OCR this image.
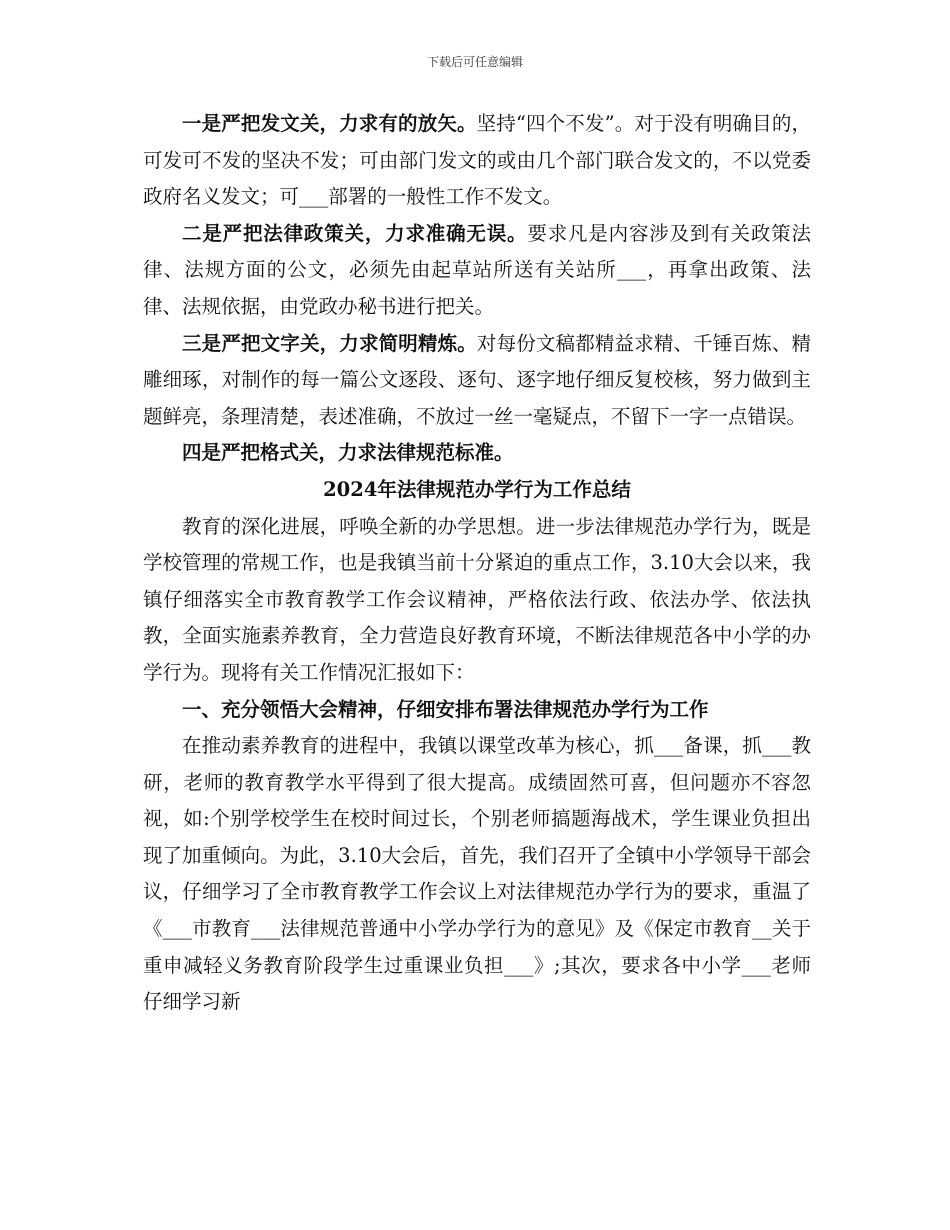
下载后可任意编辑

一是严把发文关，力求有的放矢。坚持“四个不发”。对于没有明确目的，可发可不发的坚决不发；可由部门发文的或由几个部门联合发文的，不以党委政府名义发文；可___部署的一般性工作不发文。

二是严把法律政策关，力求准确无误。要求凡是内容涉及到有关政策法律、法规方面的公文，必须先由起草站所送有关站所___，再拿出政策、法律、法规依据，由党政办秘书进行把关。

三是严把文字关，力求简明精炼。对每份文稿都精益求精、千锤百炼、精雕细琢，对制作的每一篇公文逐段、逐句、逐字地仔细反复校核，努力做到主题鲜亮，条理清楚，表述准确，不放过一丝一毫疑点，不留下一字一点错误。

四是严把格式关，力求法律规范标准。

2024年法律规范办学行为工作总结

教育的深化进展，呼唤全新的办学思想。进一步法律规范办学行为，既是学校管理的常规工作，也是我镇当前十分紧迫的重点工作，3.10大会以来，我镇仔细落实全市教育教学工作会议精神，严格依法行政、依法办学、依法执教，全面实施素养教育，全力营造良好教育环境，不断法律规范各中小学的办学行为。现将有关工作情况汇报如下：

一、充分领悟大会精神，仔细安排布署法律规范办学行为工作

在推动素养教育的进程中，我镇以课堂改革为核心，抓___备课，抓___教研，老师的教育教学水平得到了很大提高。成绩固然可喜，但问题亦不容忽视，如:个别学校学生在校时间过长，个别老师搞题海战术，学生课业负担出现了加重倾向。为此，3.10大会后，首先，我们召开了全镇中小学领导干部会议，仔细学习了全市教育教学工作会议上对法律规范办学行为的要求，重温了《___市教育___法律规范普通中小学办学行为的意见》及《保定市教育__关于重申减轻义务教育阶段学生过重课业负担___》;其次，要求各中小学___老师仔细学习新
